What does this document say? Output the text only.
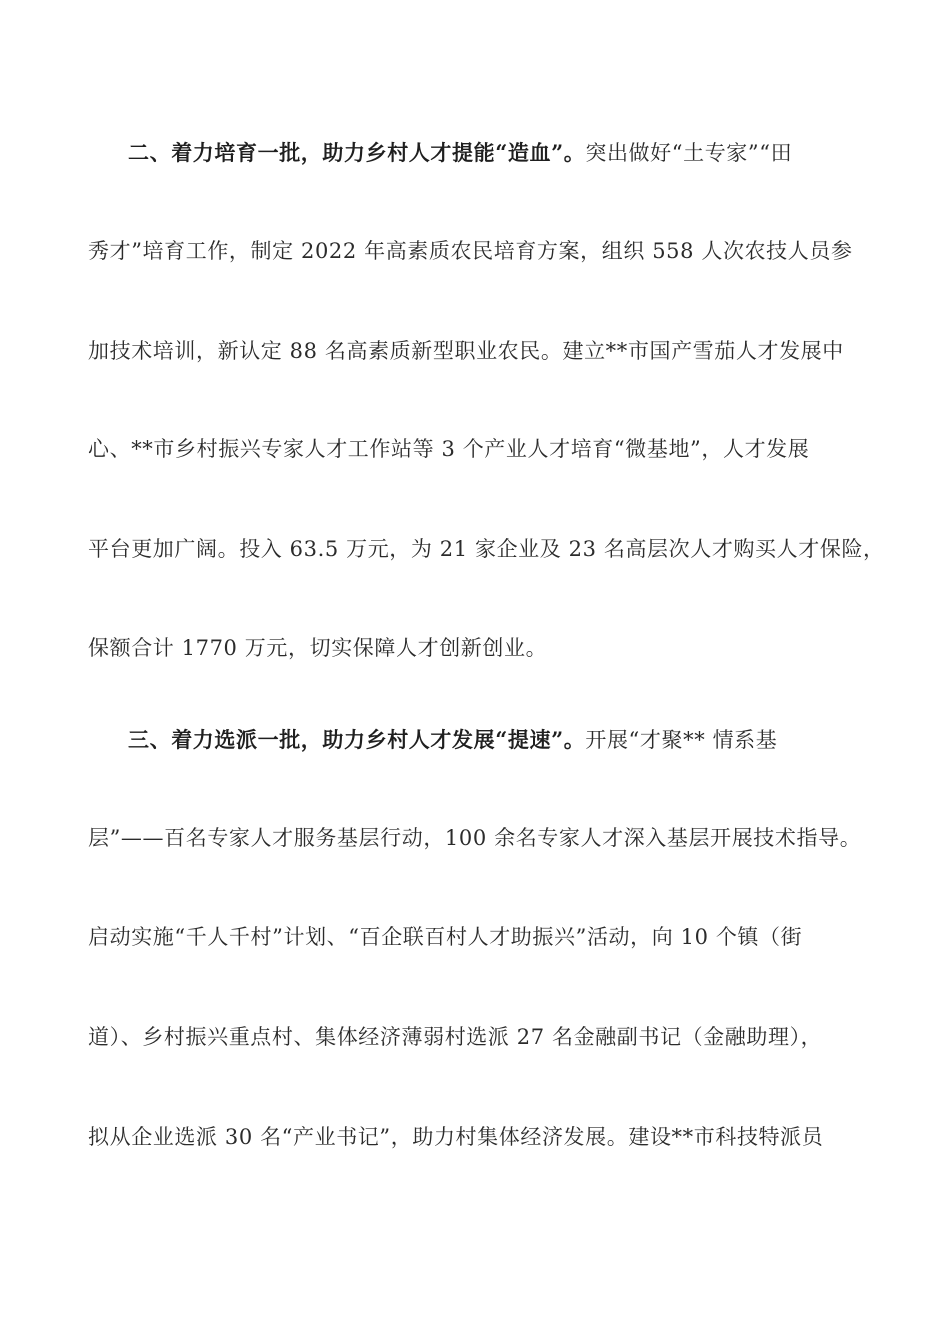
二、着力培育一批，助力乡村人才提能“造血”。突出做好“土专家”“田
秀才”培育工作，制定 2022 年高素质农民培育方案，组织 558 人次农技人员参
加技术培训，新认定 88 名高素质新型职业农民。建立**市国产雪茄人才发展中
心、**市乡村振兴专家人才工作站等 3 个产业人才培育“微基地”，人才发展
平台更加广阔。投入 63.5 万元，为 21 家企业及 23 名高层次人才购买人才保险，
保额合计 1770 万元，切实保障人才创新创业。
三、着力选派一批，助力乡村人才发展“提速”。开展“才聚** 情系基
层”——百名专家人才服务基层行动，100 余名专家人才深入基层开展技术指导。
启动实施“千人千村”计划、“百企联百村人才助振兴”活动，向 10 个镇（街
道）、乡村振兴重点村、集体经济薄弱村选派 27 名金融副书记（金融助理），
拟从企业选派 30 名“产业书记”，助力村集体经济发展。建设**市科技特派员
